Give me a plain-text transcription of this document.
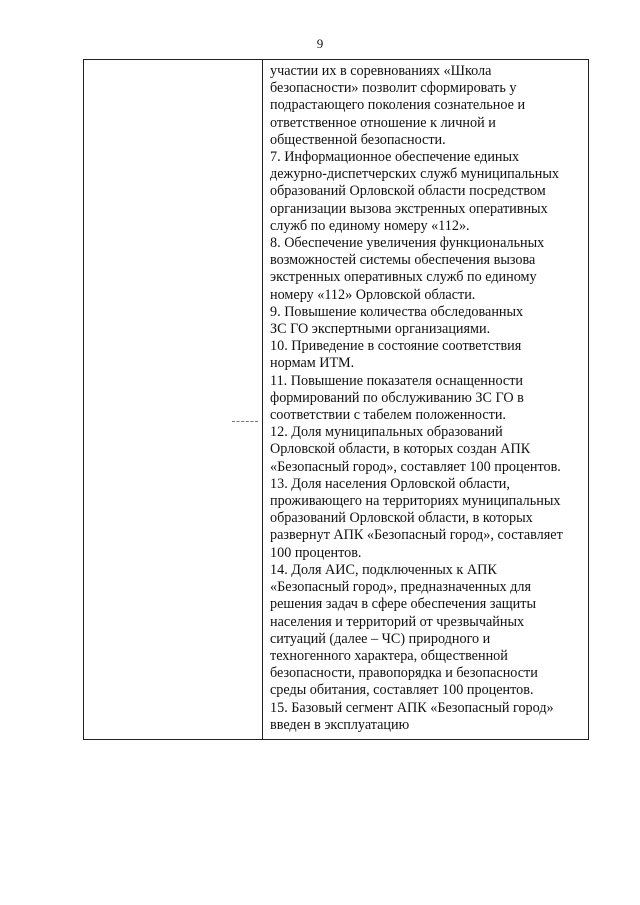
9
участии их в соревнованиях «Школа
безопасности» позволит сформировать у
подрастающего поколения сознательное и
ответственное отношение к личной и
общественной безопасности.
7. Информационное обеспечение единых
дежурно-диспетчерских служб муниципальных
образований Орловской области посредством
организации вызова экстренных оперативных
служб по единому номеру «112».
8. Обеспечение увеличения функциональных
возможностей системы обеспечения вызова
экстренных оперативных служб по единому
номеру «112» Орловской области.
9. Повышение количества обследованных
ЗС ГО экспертными организациями.
10. Приведение в состояние соответствия
нормам ИТМ.
11. Повышение показателя оснащенности
формирований по обслуживанию ЗС ГО в
соответствии с табелем положенности.
12. Доля муниципальных образований
Орловской области, в которых создан АПК
«Безопасный город», составляет 100 процентов.
13. Доля населения Орловской области,
проживающего на территориях муниципальных
образований Орловской области, в которых
развернут АПК «Безопасный город», составляет
100 процентов.
14. Доля АИС, подключенных к АПК
«Безопасный город», предназначенных для
решения задач в сфере обеспечения защиты
населения и территорий от чрезвычайных
ситуаций (далее – ЧС) природного и
техногенного характера, общественной
безопасности, правопорядка и безопасности
среды обитания, составляет 100 процентов.
15. Базовый сегмент АПК «Безопасный город»
введен в эксплуатацию
